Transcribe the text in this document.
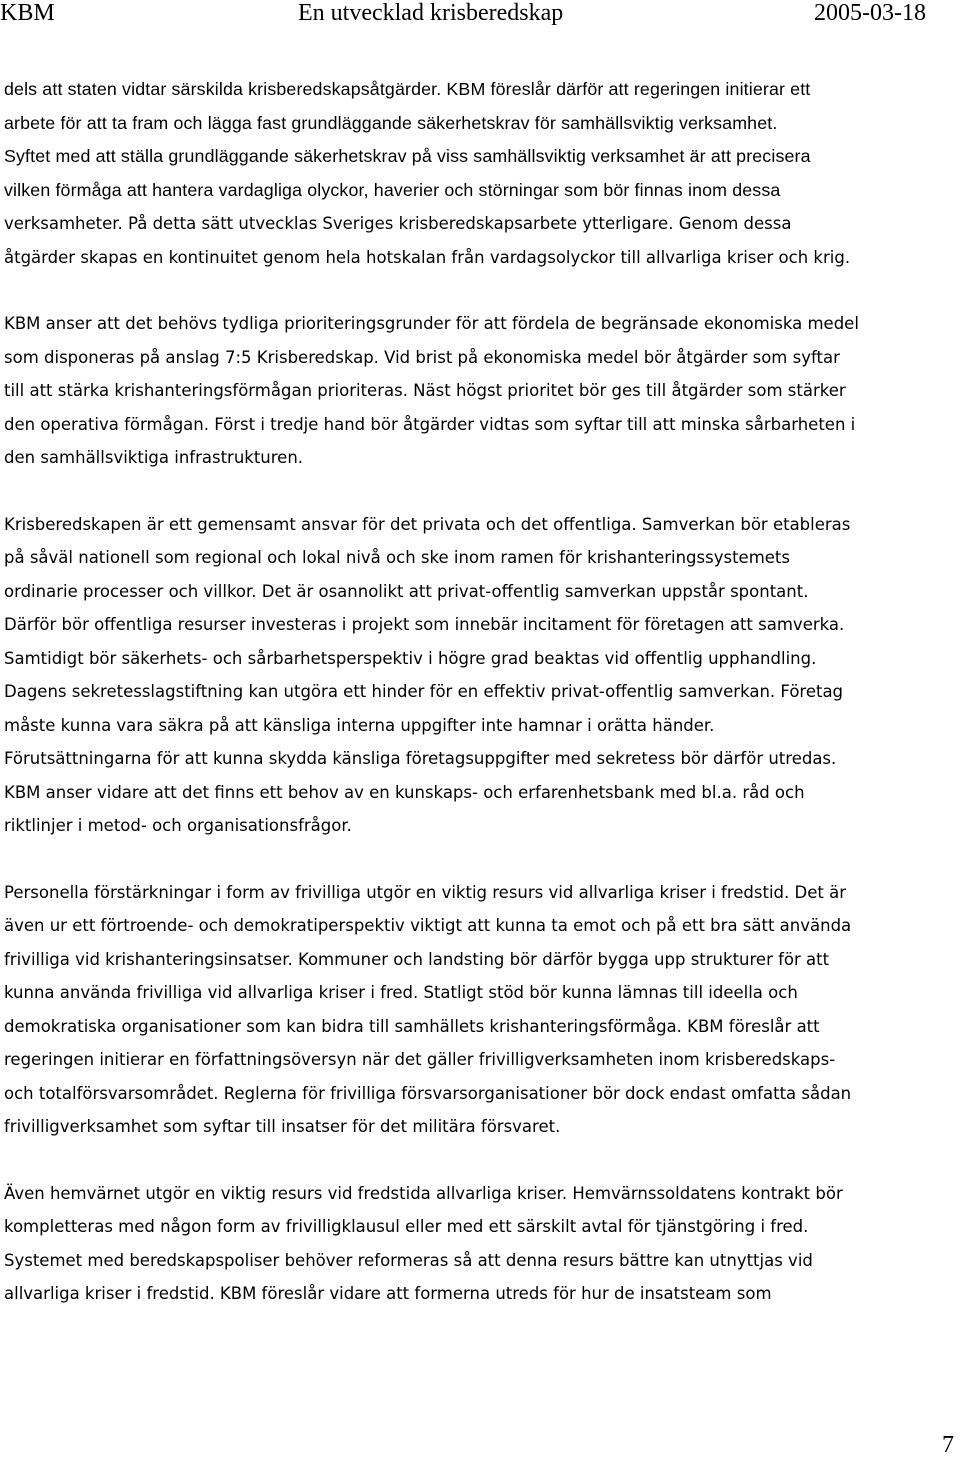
KBM	En utvecklad krisberedskap	2005-03-18
dels att staten vidtar särskilda krisberedskapsåtgärder. KBM föreslår därför att regeringen initierar ett
arbete för att ta fram och lägga fast grundläggande säkerhetskrav för samhällsviktig verksamhet.
Syftet med att ställa grundläggande säkerhetskrav på viss samhällsviktig verksamhet är att precisera
vilken förmåga att hantera vardagliga olyckor, haverier och störningar som bör finnas inom dessa
verksamheter. På detta sätt utvecklas Sveriges krisberedskapsarbete ytterligare. Genom dessa
åtgärder skapas en kontinuitet genom hela hotskalan från vardagsolyckor till allvarliga kriser och krig.
KBM anser att det behövs tydliga prioriteringsgrunder för att fördela de begränsade ekonomiska medel
som disponeras på anslag 7:5 Krisberedskap. Vid brist på ekonomiska medel bör åtgärder som syftar
till att stärka krishanteringsförmågan prioriteras. Näst högst prioritet bör ges till åtgärder som stärker
den operativa förmågan. Först i tredje hand bör åtgärder vidtas som syftar till att minska sårbarheten i
den samhällsviktiga infrastrukturen.
Krisberedskapen är ett gemensamt ansvar för det privata och det offentliga. Samverkan bör etableras
på såväl nationell som regional och lokal nivå och ske inom ramen för krishanteringssystemets
ordinarie processer och villkor. Det är osannolikt att privat-offentlig samverkan uppstår spontant.
Därför bör offentliga resurser investeras i projekt som innebär incitament för företagen att samverka.
Samtidigt bör säkerhets- och sårbarhetsperspektiv i högre grad beaktas vid offentlig upphandling.
Dagens sekretesslagstiftning kan utgöra ett hinder för en effektiv privat-offentlig samverkan. Företag
måste kunna vara säkra på att känsliga interna uppgifter inte hamnar i orätta händer.
Förutsättningarna för att kunna skydda känsliga företagsuppgifter med sekretess bör därför utredas.
KBM anser vidare att det finns ett behov av en kunskaps- och erfarenhetsbank med bl.a. råd och
riktlinjer i metod- och organisationsfrågor.
Personella förstärkningar i form av frivilliga utgör en viktig resurs vid allvarliga kriser i fredstid. Det är
även ur ett förtroende- och demokratiperspektiv viktigt att kunna ta emot och på ett bra sätt använda
frivilliga vid krishanteringsinsatser. Kommuner och landsting bör därför bygga upp strukturer för att
kunna använda frivilliga vid allvarliga kriser i fred. Statligt stöd bör kunna lämnas till ideella och
demokratiska organisationer som kan bidra till samhällets krishanteringsförmåga. KBM föreslår att
regeringen initierar en författningsöversyn när det gäller frivilligverksamheten inom krisberedskaps-
och totalförsvarsområdet. Reglerna för frivilliga försvarsorganisationer bör dock endast omfatta sådan
frivilligverksamhet som syftar till insatser för det militära försvaret.
Även hemvärnet utgör en viktig resurs vid fredstida allvarliga kriser. Hemvärnssoldatens kontrakt bör
kompletteras med någon form av frivilligklausul eller med ett särskilt avtal för tjänstgöring i fred.
Systemet med beredskapspoliser behöver reformeras så att denna resurs bättre kan utnyttjas vid
allvarliga kriser i fredstid. KBM föreslår vidare att formerna utreds för hur de insatsteam som
7
